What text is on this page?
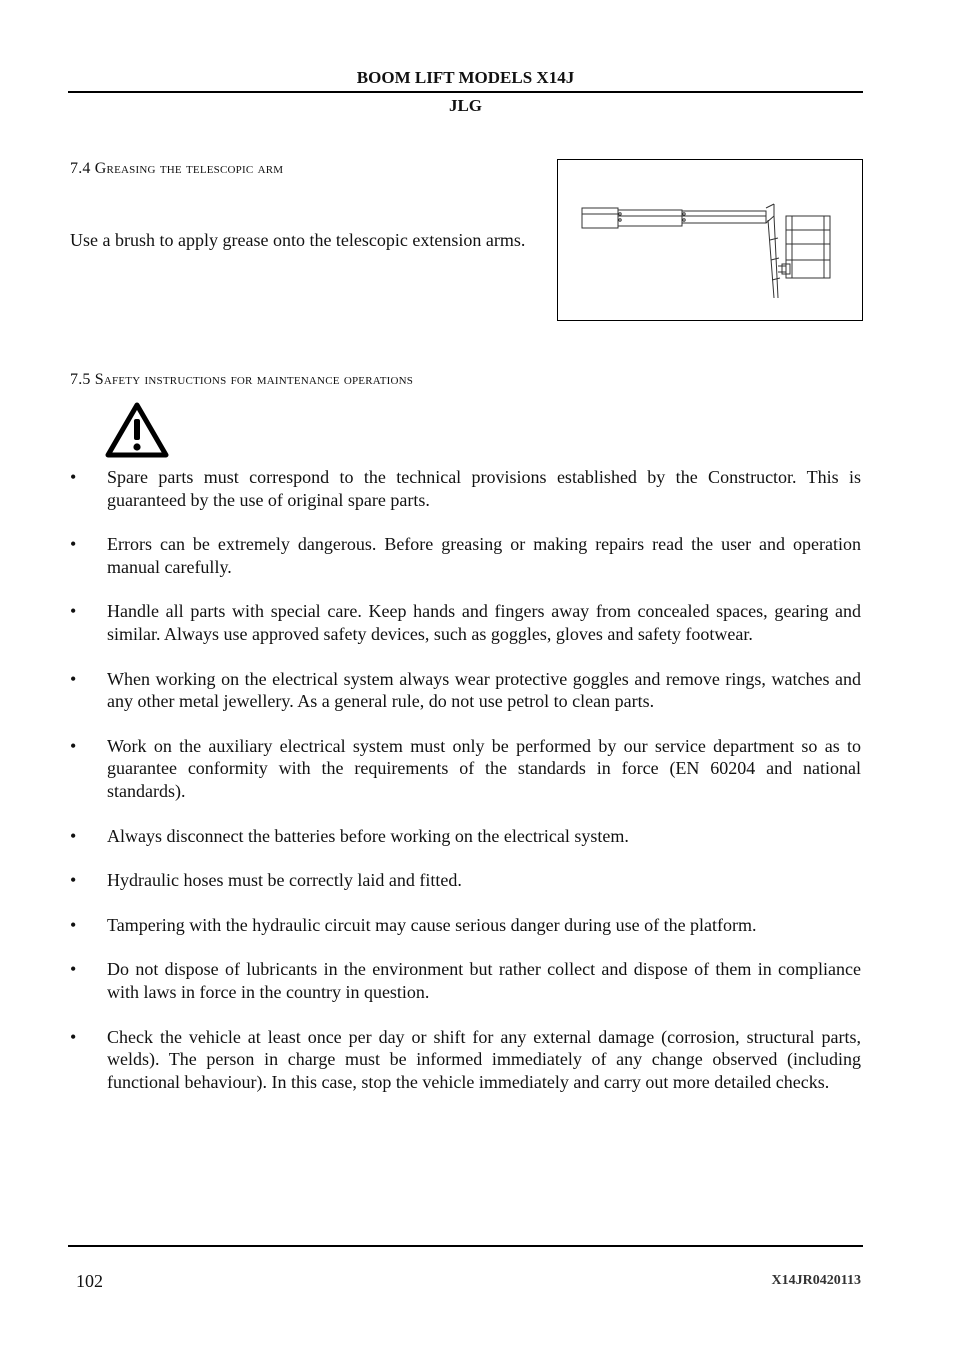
BOOM LIFT MODELS X14J
JLG
7.4 Greasing the telescopic arm
Use a brush to apply grease onto the telescopic extension arms.
7.5 Safety instructions for maintenance operations
•	Spare parts must correspond to the technical provisions established by the Constructor. This is guaranteed by the use of original spare parts.
•	Errors can be extremely dangerous. Before greasing or making repairs read the user and operation manual carefully.
•	Handle all parts with special care. Keep hands and fingers away from concealed spaces, gearing and similar. Always use approved safety devices, such as goggles, gloves and safety footwear.
•	When working on the electrical system always wear protective goggles and remove rings, watches and any other metal jewellery. As a general rule, do not use petrol to clean parts.
•	Work on the auxiliary electrical system must only be performed by our service department so as to guarantee conformity with the requirements of the standards in force (EN 60204 and national standards).
•	Always disconnect the batteries before working on the electrical system.
•	Hydraulic hoses must be correctly laid and fitted.
•	Tampering with the hydraulic circuit may cause serious danger during use of the platform.
•	Do not dispose of lubricants in the environment but rather collect and dispose of them in compliance with laws in force in the country in question.
•	Check the vehicle at least once per day or shift for any external damage (corrosion, structural parts, welds). The person in charge must be informed immediately of any change observed (including functional behaviour). In this case, stop the vehicle immediately and carry out more detailed checks.
102	X14JR0420113
